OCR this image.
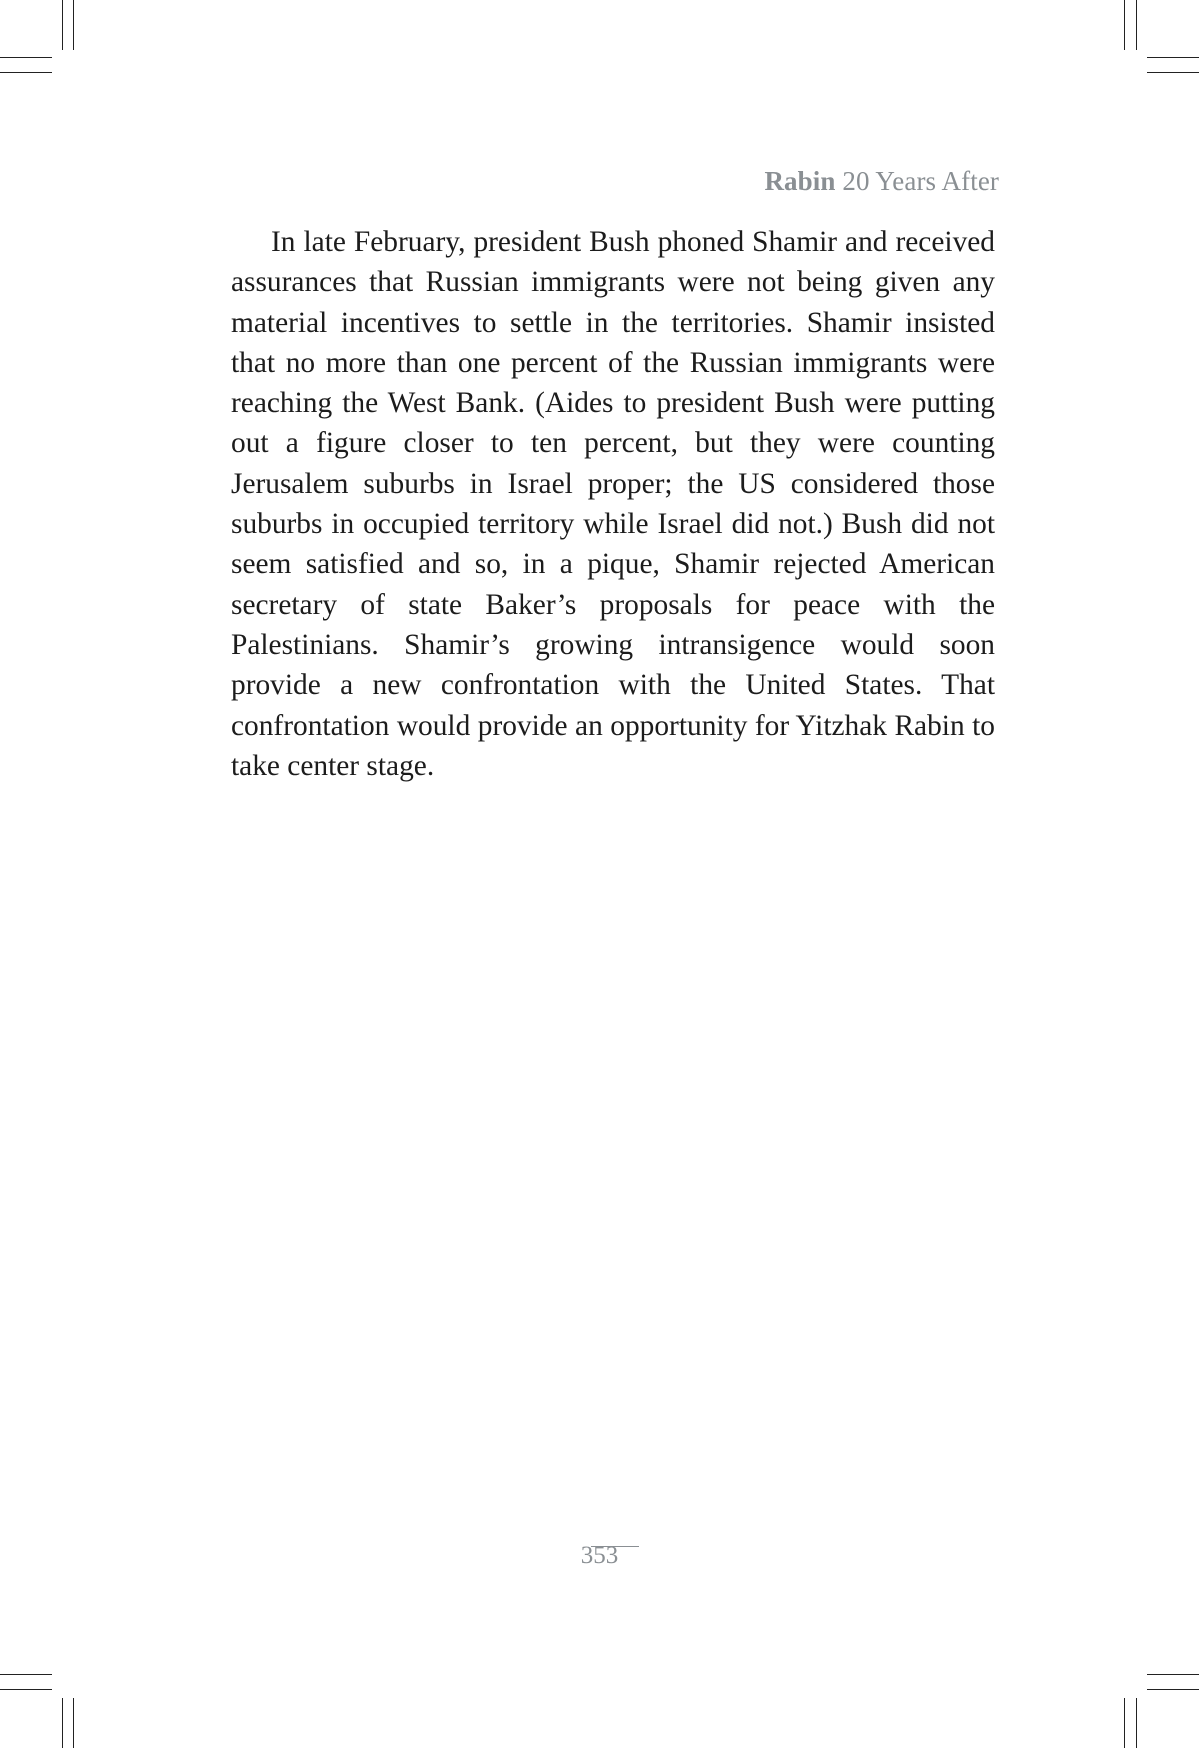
Rabin 20 Years After

In late February, president Bush phoned Shamir and received assurances that Russian immigrants were not being given any material incentives to settle in the territories. Shamir insisted that no more than one percent of the Russian immigrants were reaching the West Bank. (Aides to president Bush were putting out a figure closer to ten percent, but they were counting Jerusalem suburbs in Israel proper; the US considered those suburbs in occupied territory while Israel did not.) Bush did not seem satisfied and so, in a pique, Shamir rejected American secretary of state Baker’s proposals for peace with the Palestinians. Shamir’s growing intransigence would soon provide a new confrontation with the United States. That confrontation would provide an opportunity for Yitzhak Rabin to take center stage.

353
